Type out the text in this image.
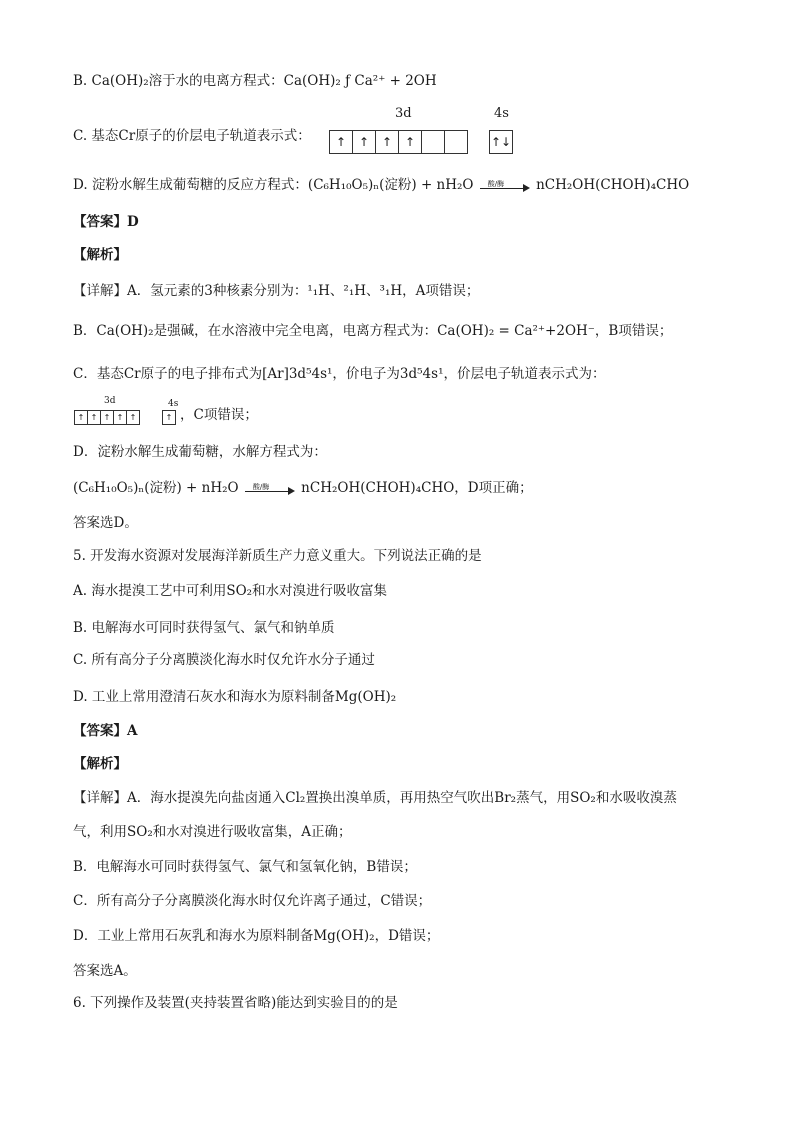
B. Ca(OH)₂溶于水的电离方程式：Ca(OH)₂ ƒ Ca²⁺ + 2OH
C. 基态Cr原子的价层电子轨道表示式：
3d	4s
↑	↑	↑	↑	↑↓
D. 淀粉水解生成葡萄糖的反应方程式：(C₆H₁₀O₅)ₙ(淀粉) + nH₂O 酸/酶 nCH₂OH(CHOH)₄CHO
【答案】D
【解析】
【详解】A．氢元素的3种核素分别为：¹₁H、²₁H、³₁H，A项错误；
B．Ca(OH)₂是强碱，在水溶液中完全电离，电离方程式为：Ca(OH)₂ = Ca²⁺+2OH⁻，B项错误；
C．基态Cr原子的电子排布式为[Ar]3d⁵4s¹，价电子为3d⁵4s¹，价层电子轨道表示式为：
3d	4s
↑ ↑ ↑ ↑ ↑	↑ ，C项错误；
D．淀粉水解生成葡萄糖，水解方程式为：
(C₆H₁₀O₅)ₙ(淀粉) + nH₂O 酸/酶 nCH₂OH(CHOH)₄CHO，D项正确；
答案选D。
5. 开发海水资源对发展海洋新质生产力意义重大。下列说法正确的是
A. 海水提溴工艺中可利用SO₂和水对溴进行吸收富集
B. 电解海水可同时获得氢气、氯气和钠单质
C. 所有高分子分离膜淡化海水时仅允许水分子通过
D. 工业上常用澄清石灰水和海水为原料制备Mg(OH)₂
【答案】A
【解析】
【详解】A．海水提溴先向盐卤通入Cl₂置换出溴单质，再用热空气吹出Br₂蒸气，用SO₂和水吸收溴蒸
气，利用SO₂和水对溴进行吸收富集，A正确；
B．电解海水可同时获得氢气、氯气和氢氧化钠，B错误；
C．所有高分子分离膜淡化海水时仅允许离子通过，C错误；
D．工业上常用石灰乳和海水为原料制备Mg(OH)₂，D错误；
答案选A。
6. 下列操作及装置(夹持装置省略)能达到实验目的的是
